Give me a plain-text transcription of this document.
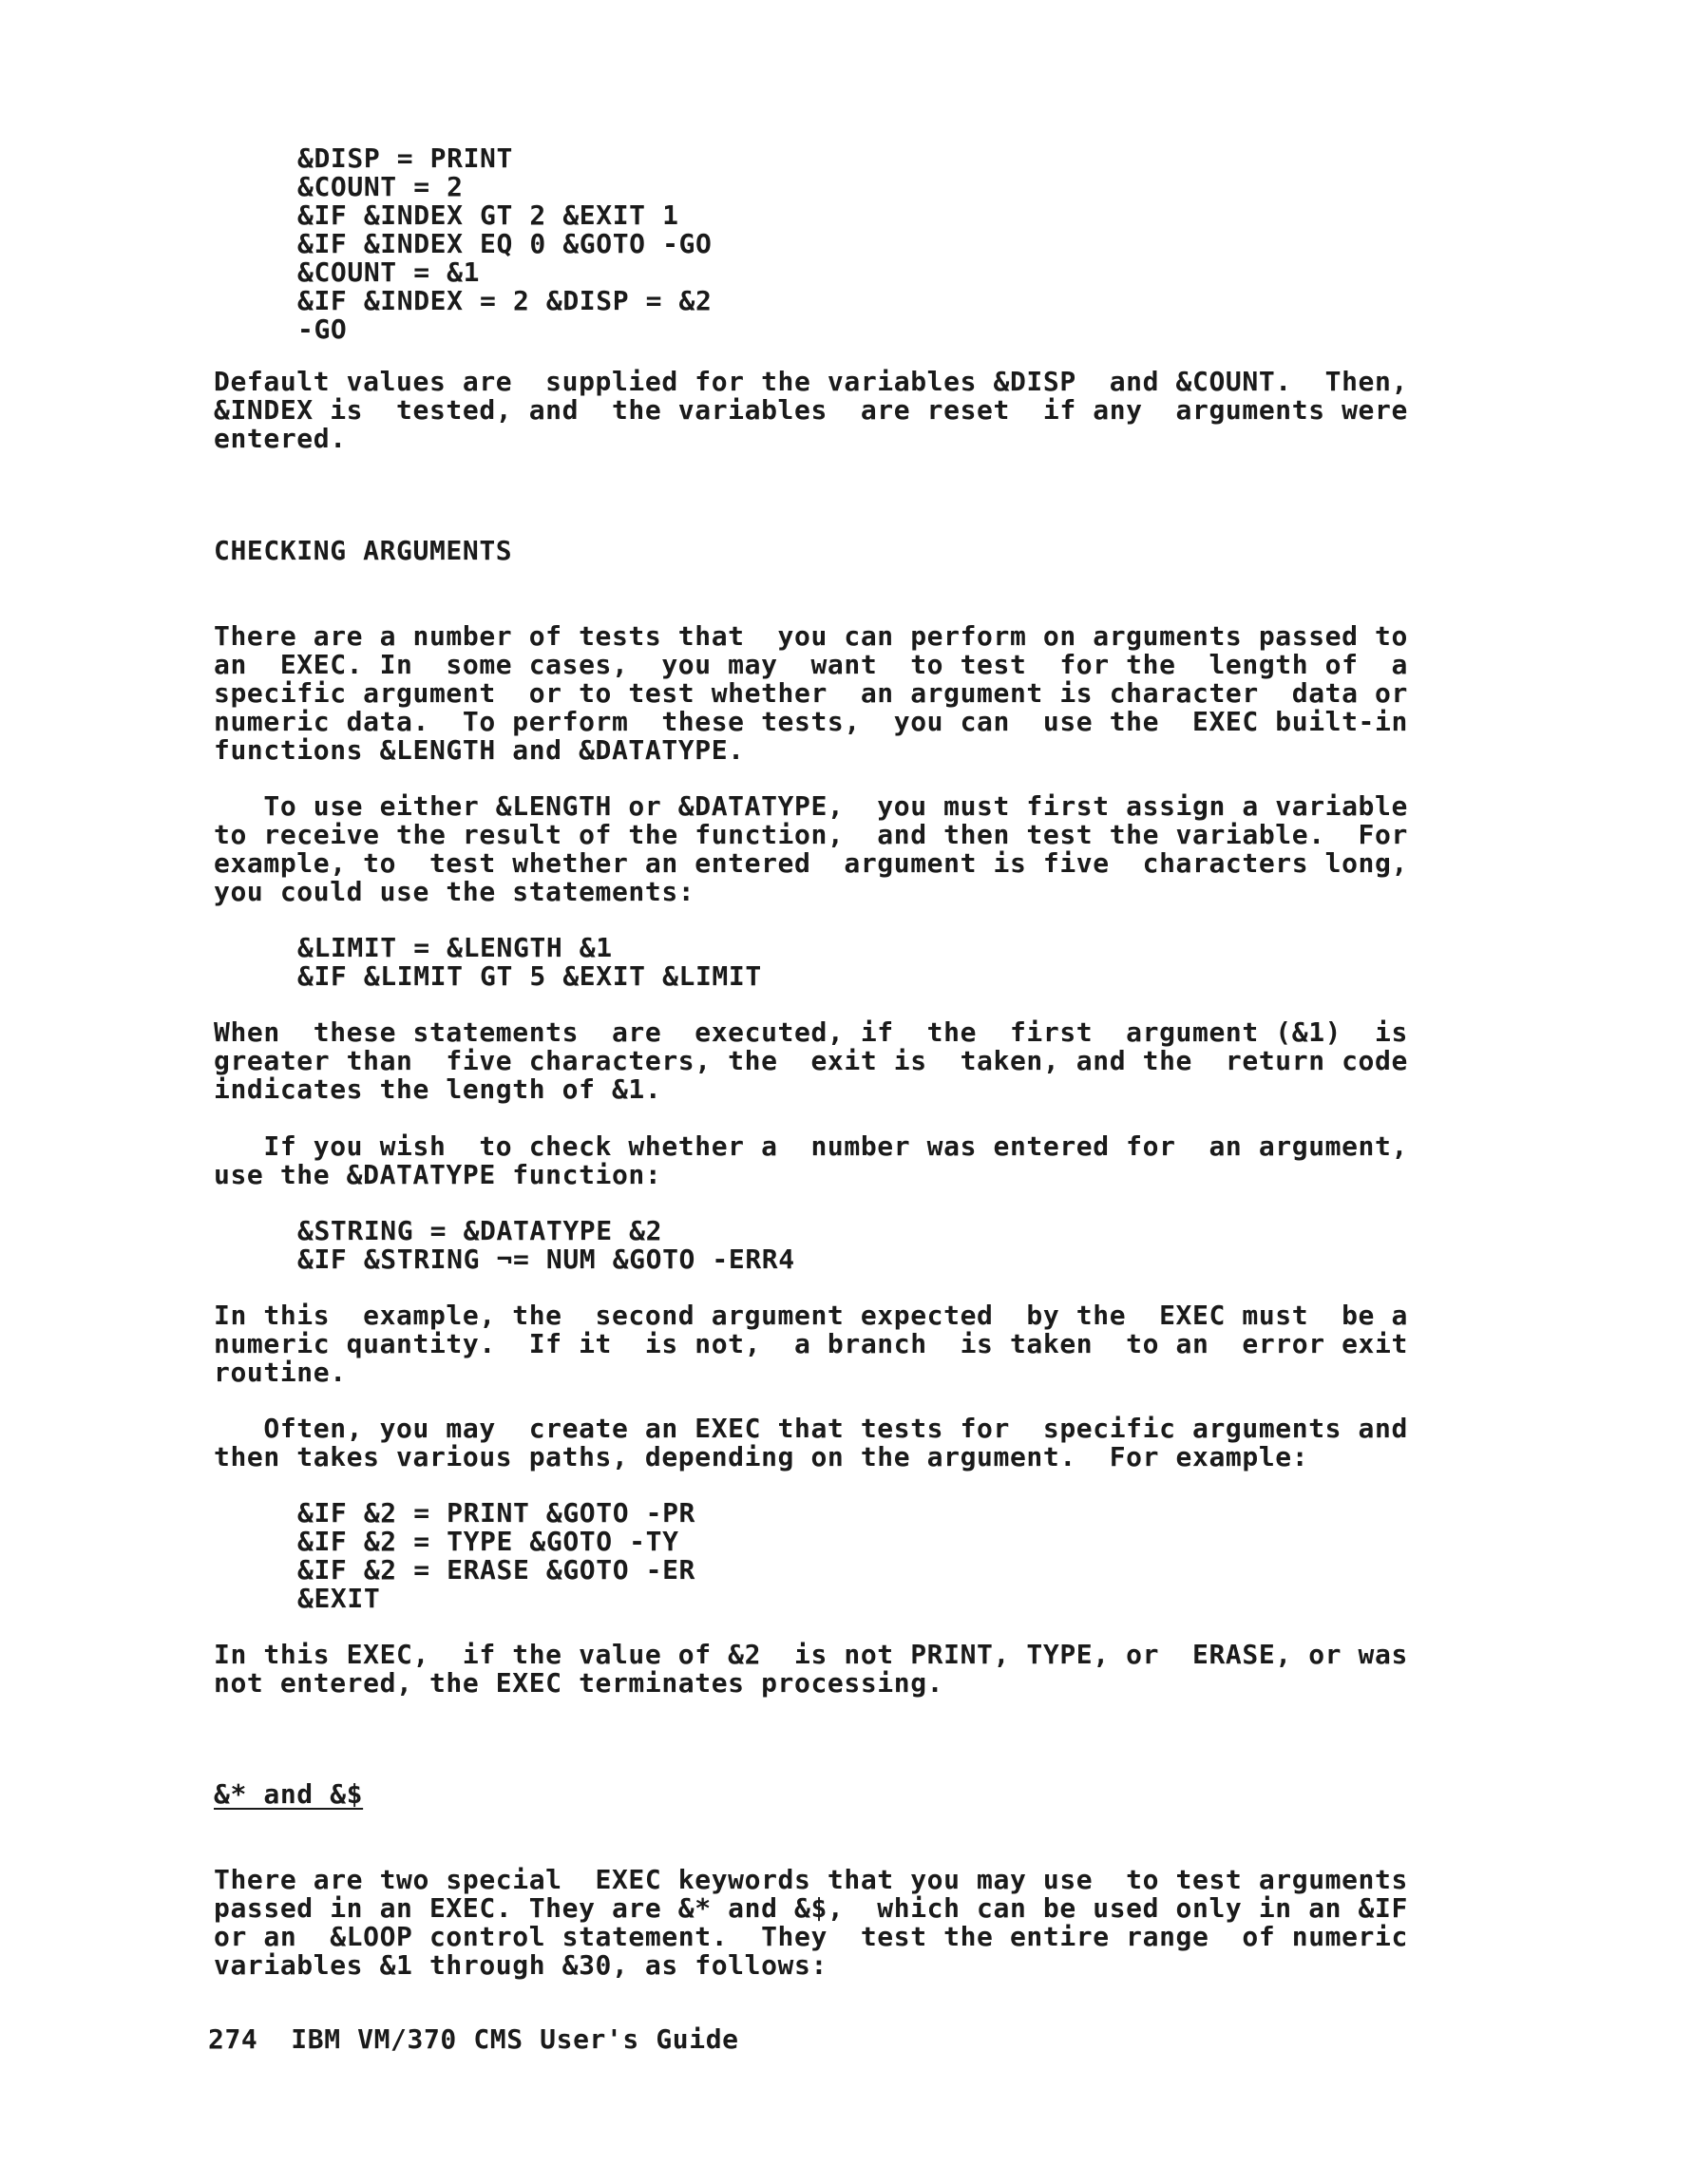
&DISP = PRINT
&COUNT = 2
&IF &INDEX GT 2 &EXIT 1
&IF &INDEX EQ 0 &GOTO -GO
&COUNT = &1
&IF &INDEX = 2 &DISP = &2
-GO
Default values are  supplied for the variables &DISP  and &COUNT.  Then,
&INDEX is  tested, and  the variables  are reset  if any  arguments were
entered.
CHECKING ARGUMENTS
There are a number of tests that  you can perform on arguments passed to
an  EXEC. In  some cases,  you may  want  to test  for the  length of  a
specific argument  or to test whether  an argument is character  data or
numeric data.  To perform  these tests,  you can  use the  EXEC built-in
functions &LENGTH and &DATATYPE.
To use either &LENGTH or &DATATYPE,  you must first assign a variable
to receive the result of the function,  and then test the variable.  For
example, to  test whether an entered  argument is five  characters long,
you could use the statements:
&LIMIT = &LENGTH &1
&IF &LIMIT GT 5 &EXIT &LIMIT
When  these statements  are  executed, if  the  first  argument (&1)  is
greater than  five characters, the  exit is  taken, and the  return code
indicates the length of &1.
If you wish  to check whether a  number was entered for  an argument,
use the &DATATYPE function:
&STRING = &DATATYPE &2
&IF &STRING ¬= NUM &GOTO -ERR4
In this  example, the  second argument expected  by the  EXEC must  be a
numeric quantity.  If it  is not,  a branch  is taken  to an  error exit
routine.
Often, you may  create an EXEC that tests for  specific arguments and
then takes various paths, depending on the argument.  For example:
&IF &2 = PRINT &GOTO -PR
&IF &2 = TYPE &GOTO -TY
&IF &2 = ERASE &GOTO -ER
&EXIT
In this EXEC,  if the value of &2  is not PRINT, TYPE, or  ERASE, or was
not entered, the EXEC terminates processing.
&* and &$
There are two special  EXEC keywords that you may use  to test arguments
passed in an EXEC. They are &* and &$,  which can be used only in an &IF
or an  &LOOP control statement.  They  test the entire range  of numeric
variables &1 through &30, as follows:
274  IBM VM/370 CMS User's Guide
